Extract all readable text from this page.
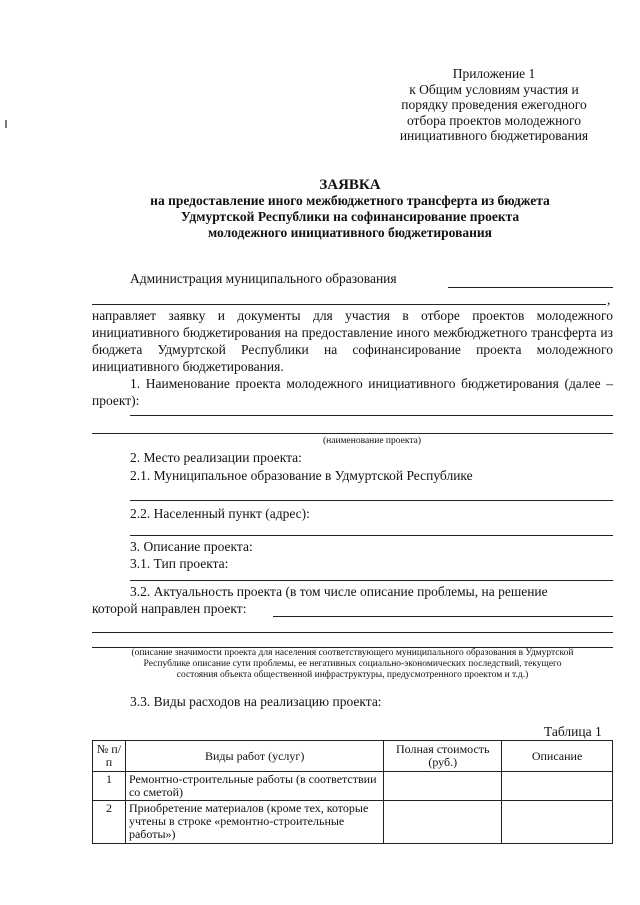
Приложение 1
к Общим условиям участия и
порядку проведения ежегодного
отбора проектов молодежного
инициативного бюджетирования
ЗАЯВКА
на предоставление иного межбюджетного трансферта из бюджета
Удмуртской Республики на софинансирование проекта
молодежного инициативного бюджетирования
Администрация муниципального образования
,
направляет заявку и документы для участия в отборе проектов молодежного инициативного бюджетирования на предоставление иного межбюджетного трансферта из бюджета Удмуртской Республики на софинансирование проекта молодежного инициативного бюджетирования.
1. Наименование проекта молодежного инициативного бюджетирования (далее – проект):
(наименование проекта)
2. Место реализации проекта:
2.1. Муниципальное образование в Удмуртской Республике
2.2. Населенный пункт (адрес):
3. Описание проекта:
3.1. Тип проекта:
3.2. Актуальность проекта (в том числе описание проблемы, на решение
которой направлен проект:
(описание значимости проекта для населения соответствующего муниципального образования в Удмуртской
Республике описание сути проблемы, ее негативных социально-экономических последствий, текущего
состояния объекта общественной инфраструктуры, предусмотренного проектом и т.д.)
3.3. Виды расходов на реализацию проекта:
Таблица 1
№ п/п	Виды работ (услуг)	Полная стоимость (руб.)	Описание
1	Ремонтно-строительные работы (в соответствии со сметой)		
2	Приобретение материалов (кроме тех, которые учтены в строке «ремонтно-строительные работы»)		
